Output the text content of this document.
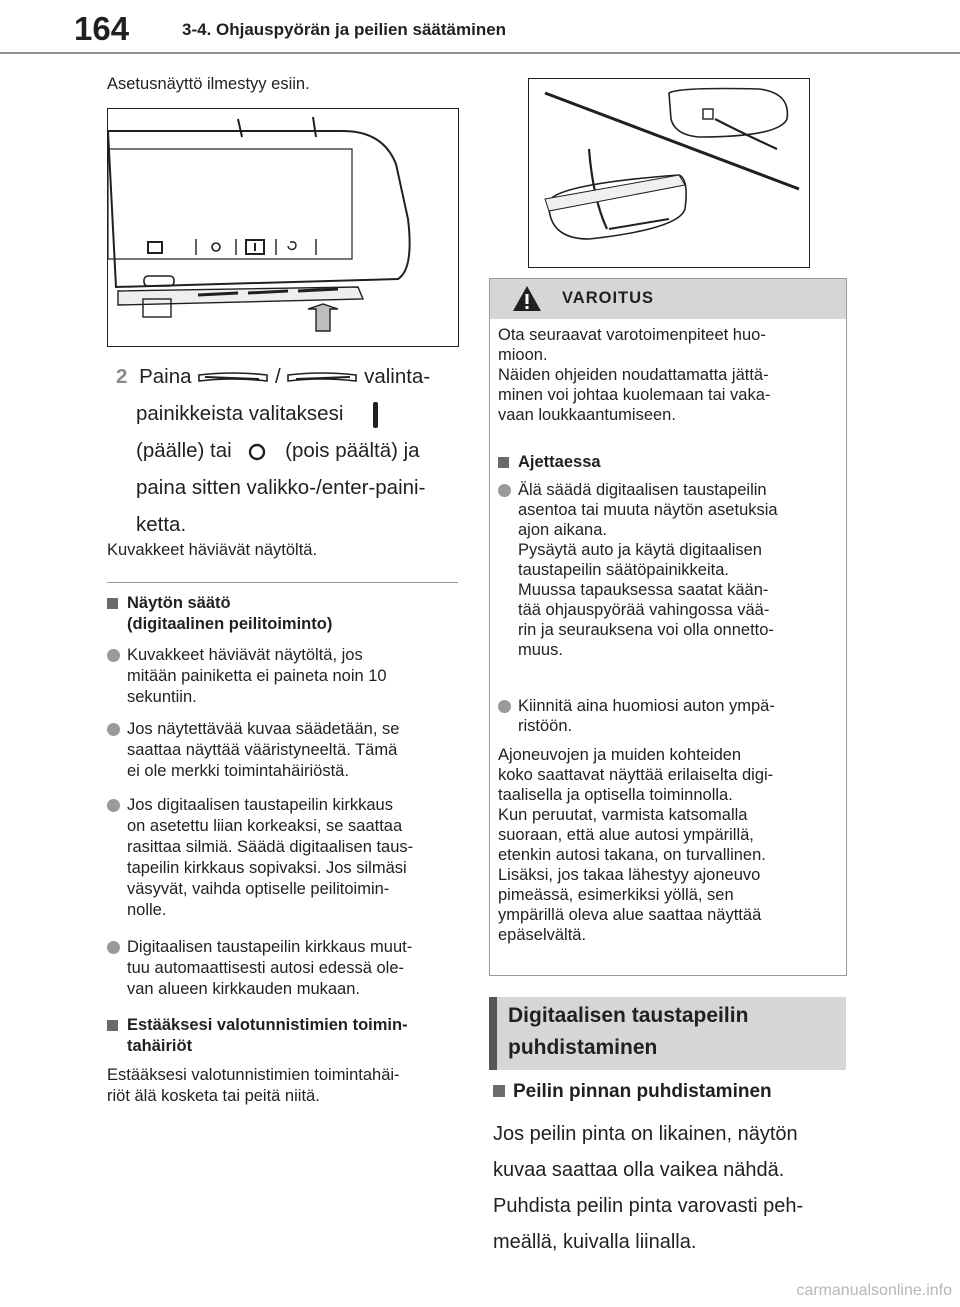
164	3-4. Ohjauspyörän ja peilien säätäminen
Asetusnäyttö ilmestyy esiin.
2 Paina	/	valinta-
painikkeista valitaksesi
(päälle) tai	(pois päältä) ja
paina sitten valikko-/enter-paini-
ketta.
Kuvakkeet häviävät näytöltä.
Näytön säätö
(digitaalinen peilitoiminto)
Kuvakkeet häviävät näytöltä, jos
mitään painiketta ei paineta noin 10
sekuntiin.
Jos näytettävää kuvaa säädetään, se
saattaa näyttää vääristyneeltä. Tämä
ei ole merkki toimintahäiriöstä.
Jos digitaalisen taustapeilin kirkkaus
on asetettu liian korkeaksi, se saattaa
rasittaa silmiä. Säädä digitaalisen taus-
tapeilin kirkkaus sopivaksi. Jos silmäsi
väsyvät, vaihda optiselle peilitoimin-
nolle.
Digitaalisen taustapeilin kirkkaus muut-
tuu automaattisesti autosi edessä ole-
van alueen kirkkauden mukaan.
Estääksesi valotunnistimien toimin-
tahäiriöt
Estääksesi valotunnistimien toimintahäi-
riöt älä kosketa tai peitä niitä.
VAROITUS
Ota seuraavat varotoimenpiteet huo-
mioon.
Näiden ohjeiden noudattamatta jättä-
minen voi johtaa kuolemaan tai vaka-
vaan loukkaantumiseen.
Ajettaessa
Älä säädä digitaalisen taustapeilin
asentoa tai muuta näytön asetuksia
ajon aikana.
Pysäytä auto ja käytä digitaalisen
taustapeilin säätöpainikkeita.
Muussa tapauksessa saatat kään-
tää ohjauspyörää vahingossa vää-
rin ja seurauksena voi olla onnetto-
muus.
Kiinnitä aina huomiosi auton ympä-
ristöön.
Ajoneuvojen ja muiden kohteiden
koko saattavat näyttää erilaiselta digi-
taalisella ja optisella toiminnolla.
Kun peruutat, varmista katsomalla
suoraan, että alue autosi ympärillä,
etenkin autosi takana, on turvallinen.
Lisäksi, jos takaa lähestyy ajoneuvo
pimeässä, esimerkiksi yöllä, sen
ympärillä oleva alue saattaa näyttää
epäselvältä.
Digitaalisen taustapeilin
puhdistaminen
Peilin pinnan puhdistaminen
Jos peilin pinta on likainen, näytön
kuvaa saattaa olla vaikea nähdä.
Puhdista peilin pinta varovasti peh-
meällä, kuivalla liinalla.
carmanualsonline.info
